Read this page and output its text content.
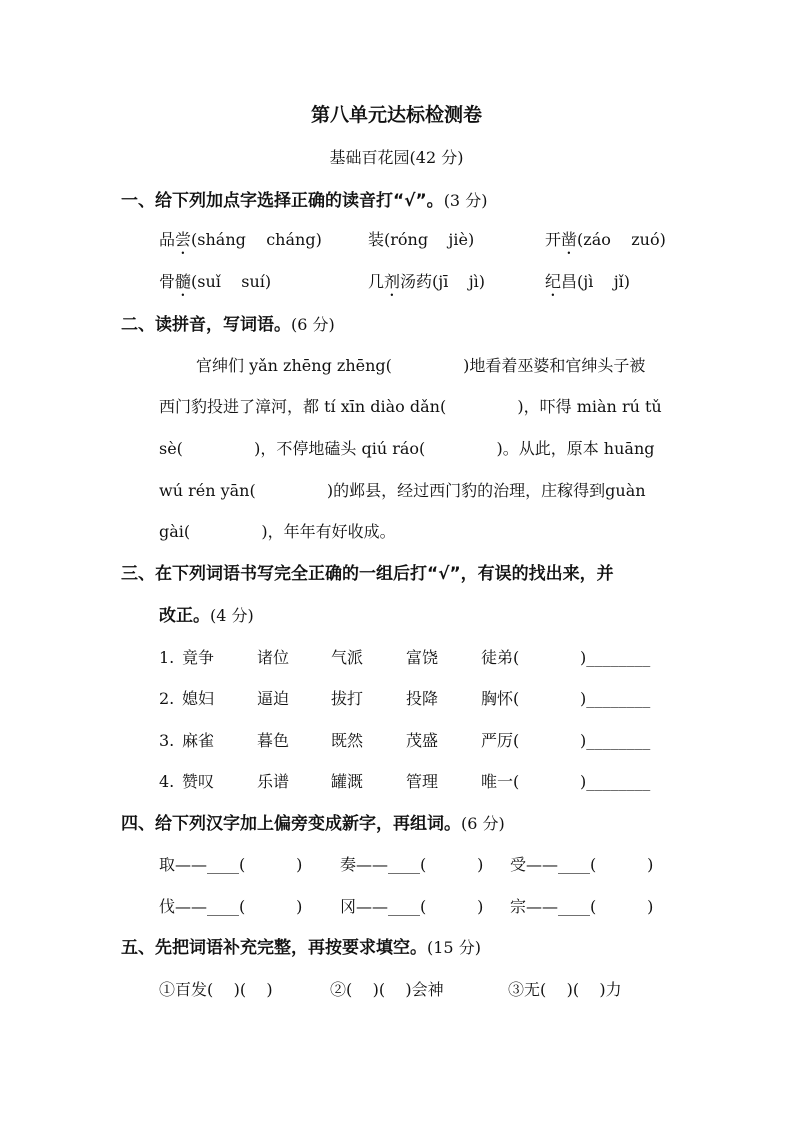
第八单元达标检测卷
基础百花园(42 分)
一、给下列加点字选择正确的读音打“√”。(3 分)
品尝(sháng    cháng)	装(róng    jiè)	开凿(záo    zuó)
骨髓(suǐ    suí)	几剂汤药(jī    jì)	纪昌(jì    jǐ)
二、读拼音，写词语。(6 分)
官绅们 yǎn zhēng zhēng(              )地看着巫婆和官绅头子被
西门豹投进了漳河，都 tí xīn diào dǎn(              )，吓得 miàn rú tǔ
sè(              )，不停地磕头 qiú ráo(              )。从此，原本 huāng
wú rén yān(              )的邺县，经过西门豹的治理，庄稼得到guàn
gài(              )，年年有好收成。
三、在下列词语书写完全正确的一组后打“√”，有误的找出来，并
改正。(4 分)
1. 竟争	诸位	气派	富饶	徒弟(	)________
2. 媳妇	逼迫	拔打	投降	胸怀(	)________
3. 麻雀	暮色	既然	茂盛	严厉(	)________
4. 赞叹	乐谱	罐溉	管理	唯一(	)________
四、给下列汉字加上偏旁变成新字，再组词。(6 分)
取——____(          ) 奏——____(          ) 受——____(          )
伐——____(          ) 冈——____(          ) 宗——____(          )
五、先把词语补充完整，再按要求填空。(15 分)
①百发(    )(    )	②(    )(    )会神	③无(    )(    )力
